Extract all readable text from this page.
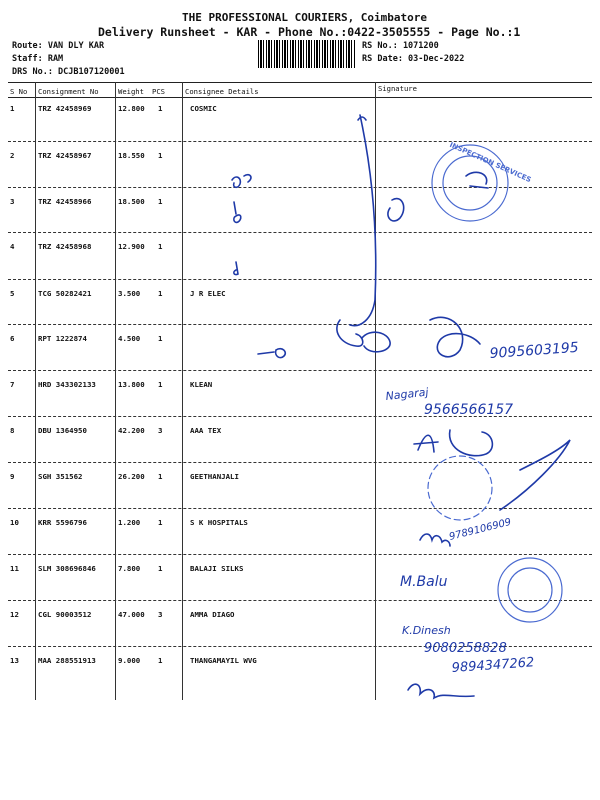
THE PROFESSIONAL COURIERS, Coimbatore
Delivery Runsheet - KAR - Phone No.:0422-3505555 - Page No.:1
Route: VAN DLY KAR
Staff: RAM
DRS No.: DCJB107120001
RS No.: 1071200
RS Date: 03-Dec-2022
S No Consignment No	Weight PCS	Consignee Details	Signature
1	TRZ 42458969	12.800 1	COSMIC
2	TRZ 42458967	18.550 1
3	TRZ 42458966	18.500 1
4	TRZ 42458968	12.900 1
5	TCG 50282421	3.500 1	J R ELEC
6	RPT 1222874	4.500 1
7	HRD 343302133	13.800 1	KLEAN
8	DBU 1364950	42.200 3	AAA TEX
9	SGH 351562	26.200 1	GEETHANJALI
10	KRR 5596796	1.200 1	S K HOSPITALS
11	SLM 308696846	7.800 1	BALAJI SILKS
12	CGL 90003512	47.000 3	AMMA DIAGO
13	MAA 288551913	9.000 1	THANGAMAYIL WVG
9095603195
Nagaraj
9566566157
9789106909
M.Balu
K.Dinesh
9080258828
9894347262
INSPECTION SERVICES
